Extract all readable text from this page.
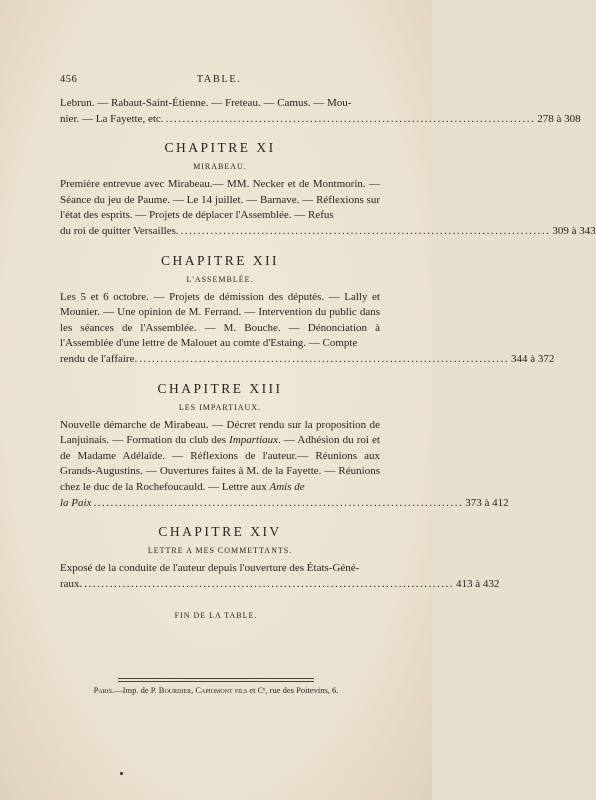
456	TABLE.

Lebrun. — Rabaut-Saint-Étienne. — Freteau. — Camus. — Mou-

nier. — La Fayette, etc. ....................................................................................... 278 à 308
CHAPITRE XI
MIRABEAU.

Première entrevue avec Mirabeau.— MM. Necker et de Montmorin. — Séance du jeu de Paume. — Le 14 juillet. — Barnave. — Réflexions sur l'état des esprits. — Projets de déplacer l'Assemblée. — Refus

du roi de quitter Versailles. ....................................................................................... 309 à 343
CHAPITRE XII
L'ASSEMBLÉE.

Les 5 et 6 octobre. — Projets de démission des députés. — Lally et Mounier. — Une opinion de M. Ferrand. — Intervention du public dans les séances de l'Assemblée. — M. Bouche. — Dénonciation à l'Assemblée d'une lettre de Malouet au comte d'Estaing. — Compte

rendu de l'affaire. ....................................................................................... 344 à 372
CHAPITRE XIII
LES IMPARTIAUX.

Nouvelle démarche de Mirabeau. — Décret rendu sur la proposition de Lanjuinais. — Formation du club des Impartiaux. — Adhésion du roi et de Madame Adélaïde. — Réflexions de l'auteur.— Réunions aux Grands-Augustins. — Ouvertures faites à M. de la Fayette. — Réunions chez le duc de la Rochefoucauld. — Lettre aux Amis de

la Paix ....................................................................................... 373 à 412
CHAPITRE XIV
LETTRE A MES COMMETTANTS.

Exposé de la conduite de l'auteur depuis l'ouverture des États-Géné-

raux. ....................................................................................... 413 à 432
FIN DE LA TABLE.
Paris.—Imp. de P. Bourdier, Capiomont fils et Cᵉ, rue des Poitevins, 6.
